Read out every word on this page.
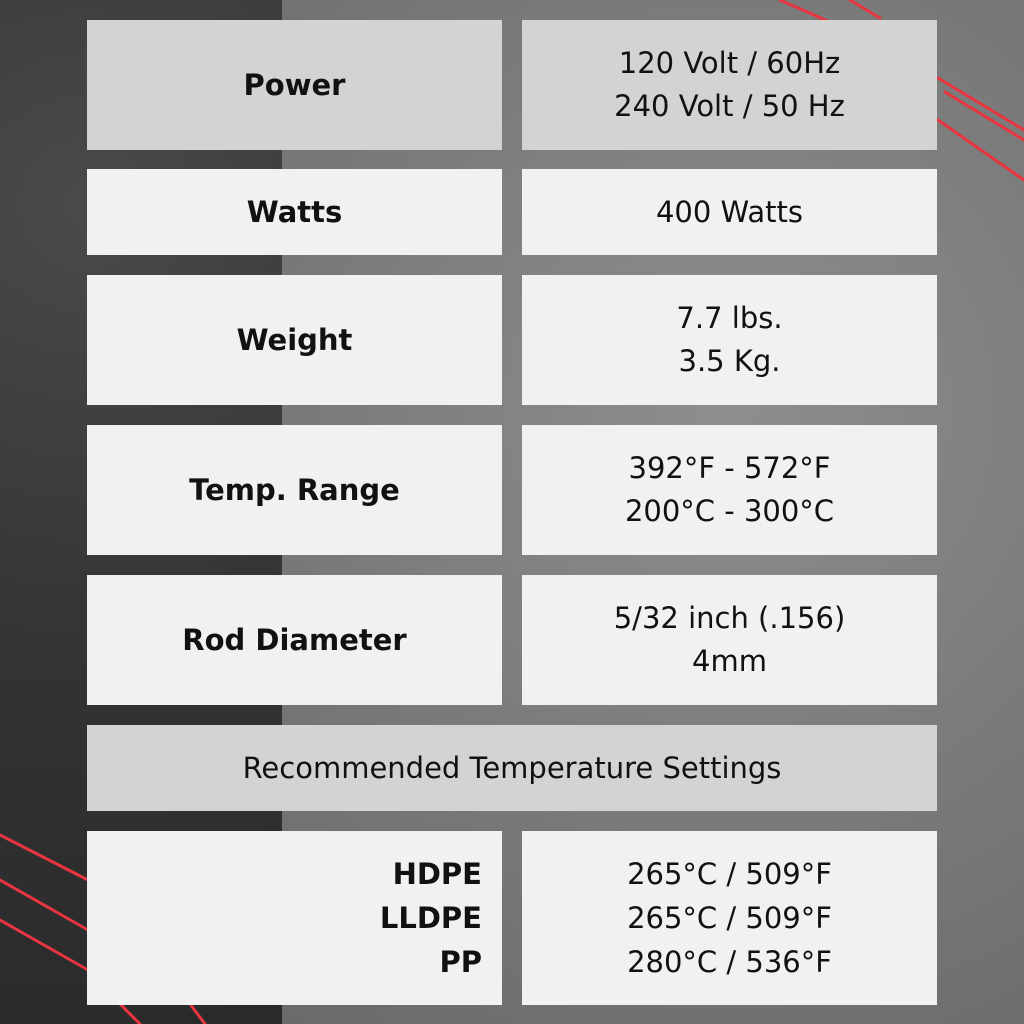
Power
120 Volt / 60Hz
240 Volt / 50 Hz
Watts	400 Watts
Weight
7.7 lbs.
3.5 Kg.
Temp. Range
392°F - 572°F
200°C - 300°C
Rod Diameter
5/32 inch (.156)
4mm
Recommended Temperature Settings
HDPE
LLDPE
PP
265°C / 509°F
265°C / 509°F
280°C / 536°F
